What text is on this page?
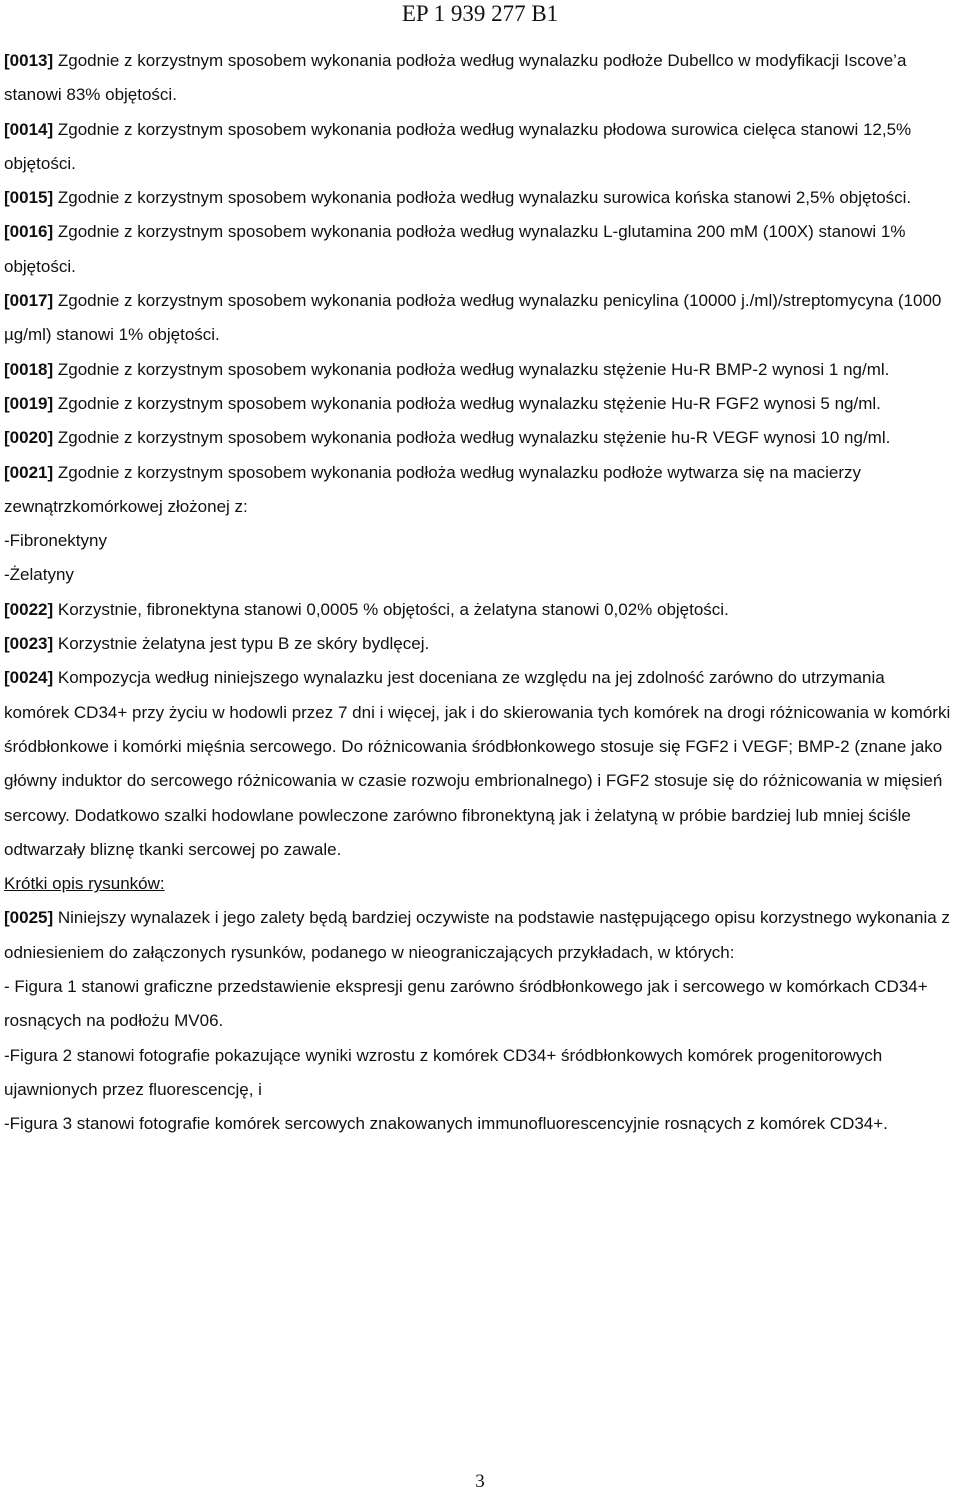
EP 1 939 277 B1

[0013] Zgodnie z korzystnym sposobem wykonania podłoża według wynalazku podłoże Dubellco w modyfikacji Iscove’a stanowi 83% objętości.

[0014] Zgodnie z korzystnym sposobem wykonania podłoża według wynalazku płodowa surowica cielęca stanowi 12,5% objętości.

[0015] Zgodnie z korzystnym sposobem wykonania podłoża według wynalazku surowica końska stanowi 2,5% objętości.

[0016] Zgodnie z korzystnym sposobem wykonania podłoża według wynalazku L-glutamina 200 mM (100X) stanowi 1% objętości.

[0017] Zgodnie z korzystnym sposobem wykonania podłoża według wynalazku penicylina (10000 j./ml)/streptomycyna (1000 µg/ml) stanowi 1% objętości.

[0018] Zgodnie z korzystnym sposobem wykonania podłoża według wynalazku stężenie Hu-R BMP-2 wynosi 1 ng/ml.

[0019] Zgodnie z korzystnym sposobem wykonania podłoża według wynalazku stężenie Hu-R FGF2 wynosi 5 ng/ml.

[0020] Zgodnie z korzystnym sposobem wykonania podłoża według wynalazku stężenie hu-R VEGF wynosi 10 ng/ml.

[0021] Zgodnie z korzystnym sposobem wykonania podłoża według wynalazku podłoże wytwarza się na macierzy zewnątrzkomórkowej złożonej z:

-Fibronektyny

-Żelatyny

[0022] Korzystnie, fibronektyna stanowi 0,0005 % objętości, a żelatyna stanowi 0,02% objętości.

[0023] Korzystnie żelatyna jest typu B ze skóry bydlęcej.

[0024] Kompozycja według niniejszego wynalazku jest doceniana ze względu na jej zdolność zarówno do utrzymania komórek CD34+ przy życiu w hodowli przez 7 dni i więcej, jak i do skierowania tych komórek na drogi różnicowania w komórki śródbłonkowe i komórki mięśnia sercowego. Do różnicowania śródbłonkowego stosuje się FGF2 i VEGF; BMP-2 (znane jako główny induktor do sercowego różnicowania w czasie rozwoju embrionalnego) i FGF2 stosuje się do różnicowania w mięsień sercowy. Dodatkowo szalki hodowlane powleczone zarówno fibronektyną jak i żelatyną w próbie bardziej lub mniej ściśle odtwarzały bliznę tkanki sercowej po zawale.

Krótki opis rysunków:

[0025] Niniejszy wynalazek i jego zalety będą bardziej oczywiste na podstawie następującego opisu korzystnego wykonania z odniesieniem do załączonych rysunków, podanego w nieograniczających przykładach, w których:

- Figura 1 stanowi graficzne przedstawienie ekspresji genu zarówno śródbłonkowego jak i sercowego w komórkach CD34+ rosnących na podłożu MV06.

-Figura 2 stanowi fotografie pokazujące wyniki wzrostu z komórek CD34+ śródbłonkowych komórek progenitorowych ujawnionych przez fluorescencję, i

-Figura 3 stanowi fotografie komórek sercowych znakowanych immunofluorescencyjnie rosnących z komórek CD34+.

3
